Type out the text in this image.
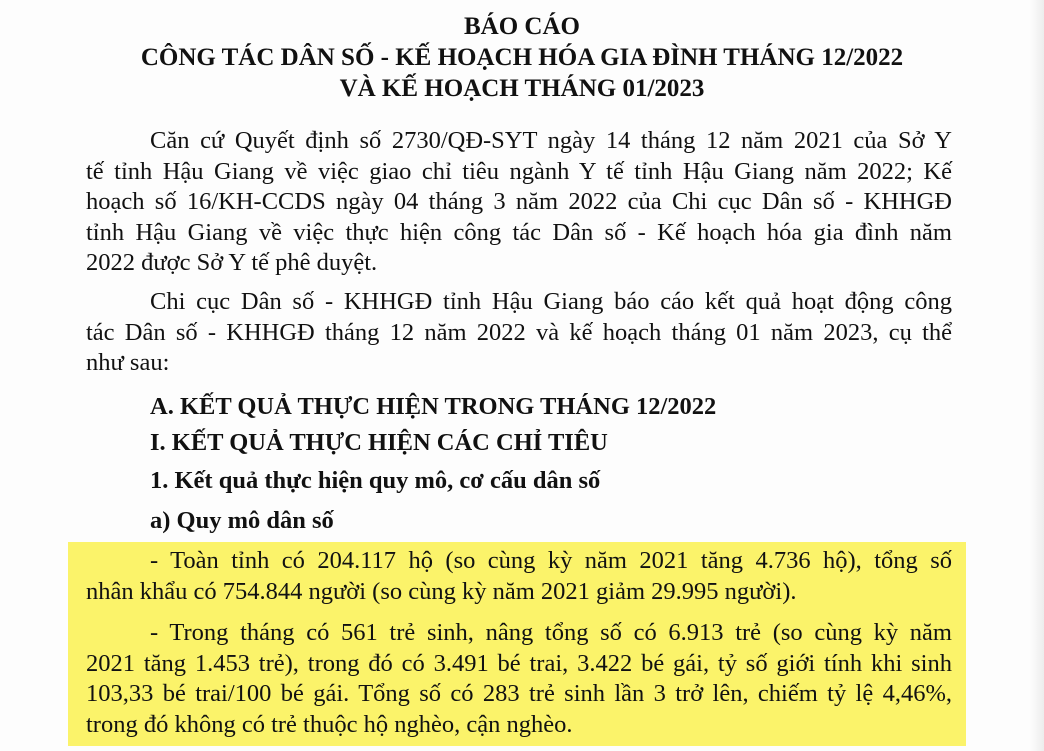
BÁO CÁO
CÔNG TÁC DÂN SỐ - KẾ HOẠCH HÓA GIA ĐÌNH THÁNG 12/2022
VÀ KẾ HOẠCH THÁNG 01/2023

Căn cứ Quyết định số 2730/QĐ-SYT ngày 14 tháng 12 năm 2021 của Sở Y
tế tỉnh Hậu Giang về việc giao chỉ tiêu ngành Y tế tỉnh Hậu Giang năm 2022; Kế
hoạch số 16/KH-CCDS ngày 04 tháng 3 năm 2022 của Chi cục Dân số - KHHGĐ
tỉnh Hậu Giang về việc thực hiện công tác Dân số - Kế hoạch hóa gia đình năm
2022 được Sở Y tế phê duyệt.

Chi cục Dân số - KHHGĐ tỉnh Hậu Giang báo cáo kết quả hoạt động công
tác Dân số - KHHGĐ tháng 12 năm 2022 và kế hoạch tháng 01 năm 2023, cụ thể
như sau:

A. KẾT QUẢ THỰC HIỆN TRONG THÁNG 12/2022
I. KẾT QUẢ THỰC HIỆN CÁC CHỈ TIÊU
1. Kết quả thực hiện quy mô, cơ cấu dân số
a) Quy mô dân số

- Toàn tỉnh có 204.117 hộ (so cùng kỳ năm 2021 tăng 4.736 hộ), tổng số
nhân khẩu có 754.844 người (so cùng kỳ năm 2021 giảm 29.995 người).

- Trong tháng có 561 trẻ sinh, nâng tổng số có 6.913 trẻ (so cùng kỳ năm
2021 tăng 1.453 trẻ), trong đó có 3.491 bé trai, 3.422 bé gái, tỷ số giới tính khi sinh
103,33 bé trai/100 bé gái. Tổng số có 283 trẻ sinh lần 3 trở lên, chiếm tỷ lệ 4,46%,
trong đó không có trẻ thuộc hộ nghèo, cận nghèo.
